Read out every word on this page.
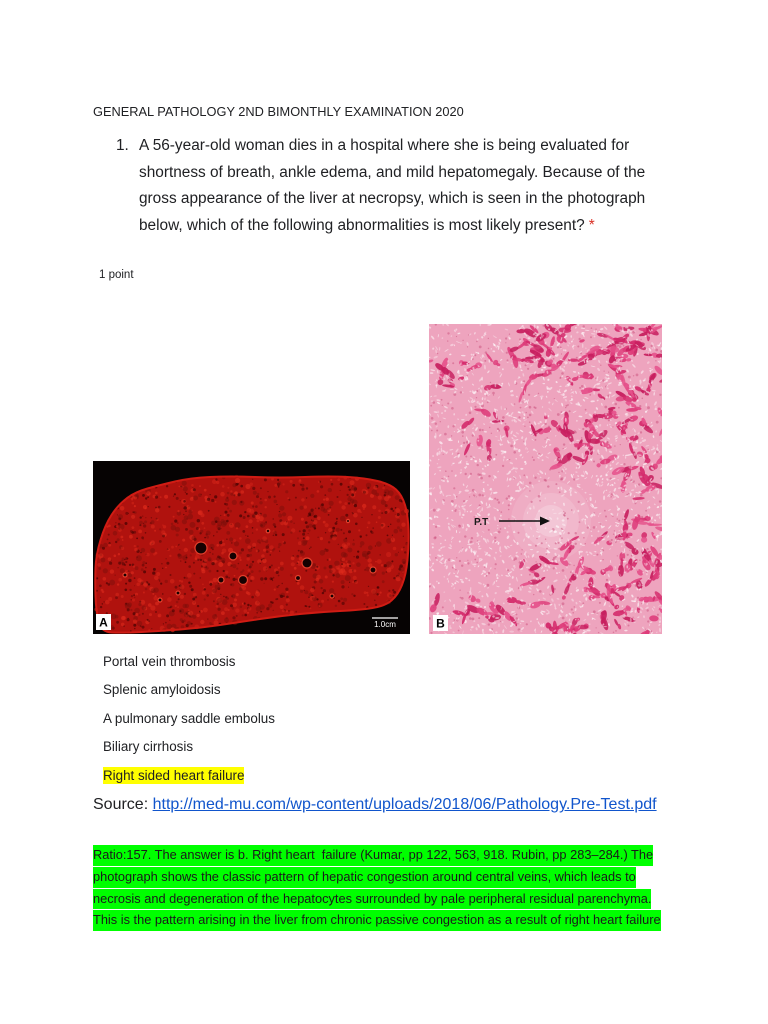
GENERAL PATHOLOGY 2ND BIMONTHLY EXAMINATION 2020
1. A 56-year-old woman dies in a hospital where she is being evaluated for
shortness of breath, ankle edema, and mild hepatomegaly. Because of the
gross appearance of the liver at necropsy, which is seen in the photograph
below, which of the following abnormalities is most likely present? *
1 point
A	1.0cm
P.T
B
Portal vein thrombosis
Splenic amyloidosis
A pulmonary saddle embolus
Biliary cirrhosis
Right sided heart failure
Source: http://med-mu.com/wp-content/uploads/2018/06/Pathology.Pre-Test.pdf
Ratio:157. The answer is b. Right heart  failure (Kumar, pp 122, 563, 918. Rubin, pp 283–284.) The
photograph shows the classic pattern of hepatic congestion around central veins, which leads to
necrosis and degeneration of the hepatocytes surrounded by pale peripheral residual parenchyma.
This is the pattern arising in the liver from chronic passive congestion as a result of right heart failure
